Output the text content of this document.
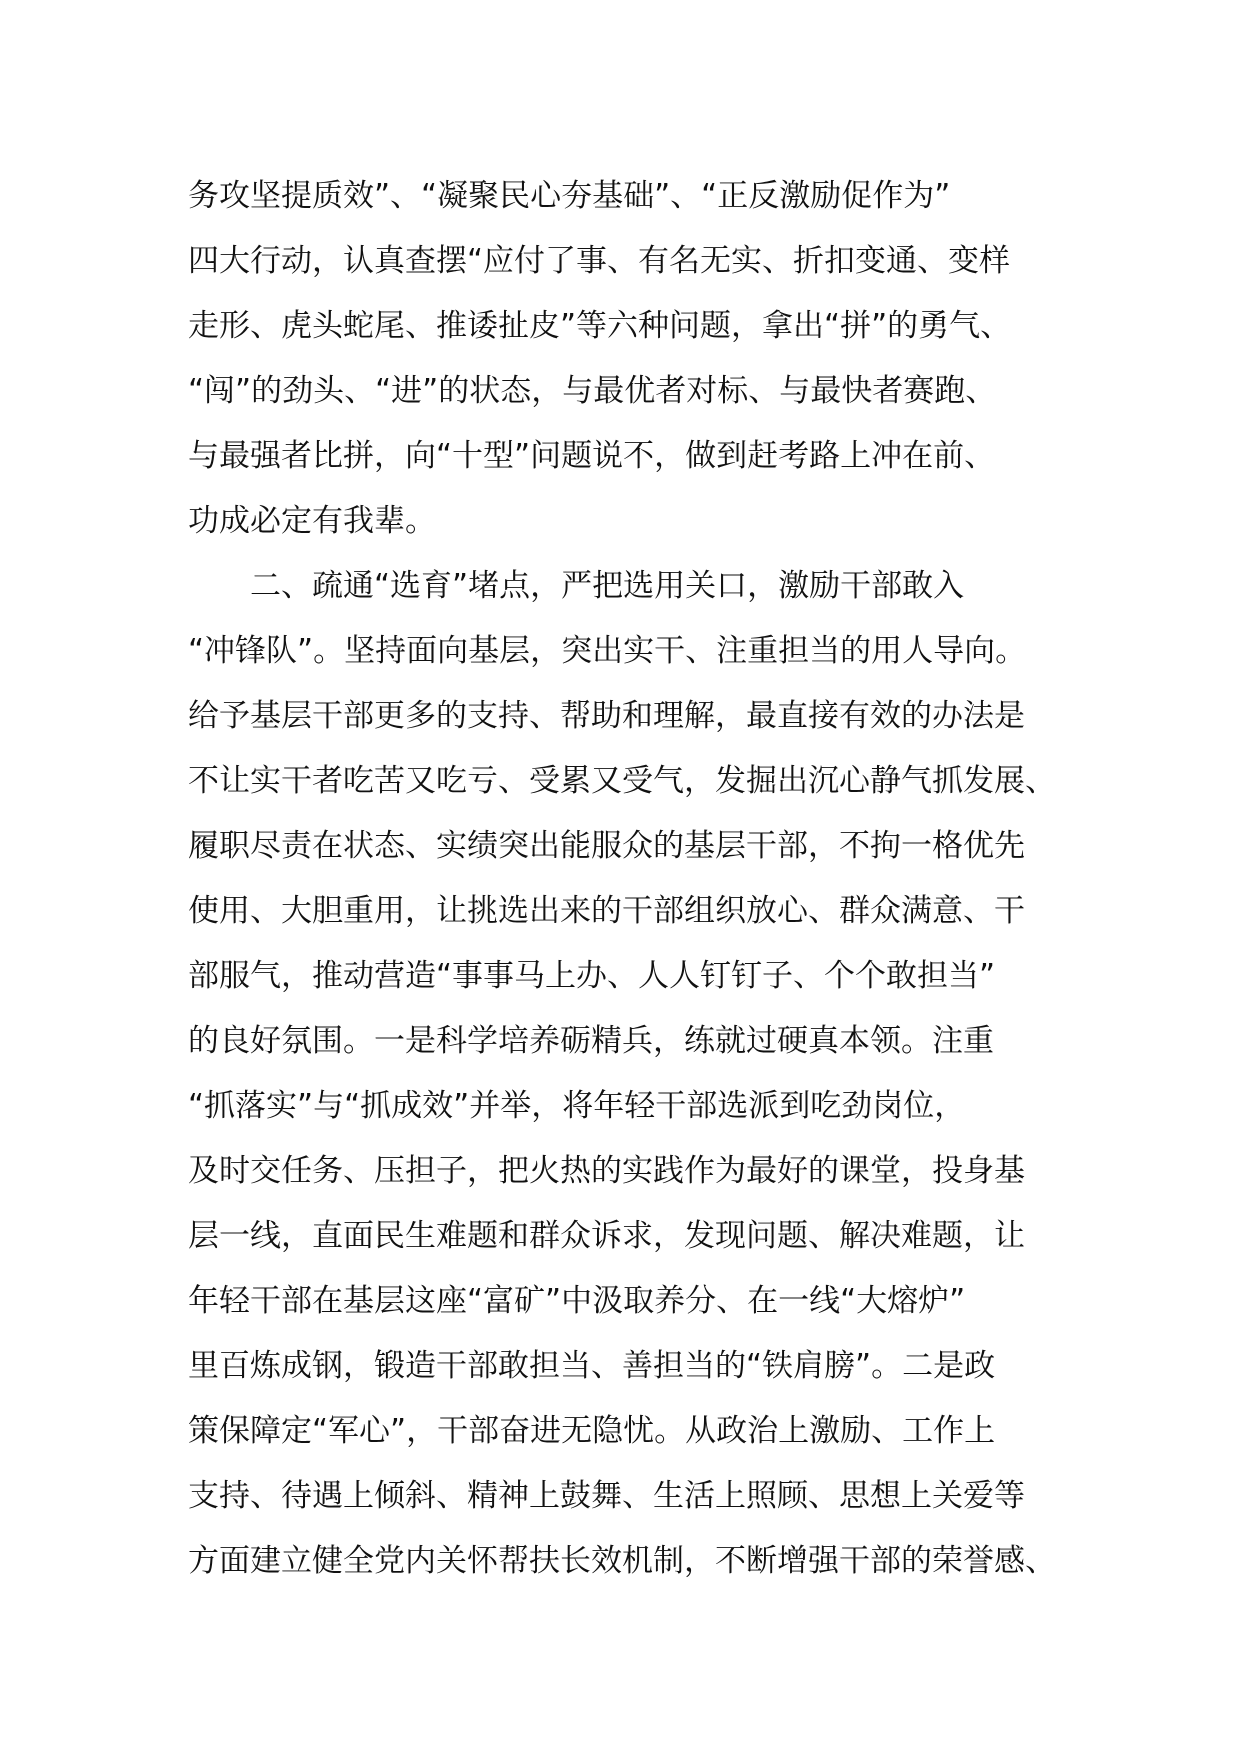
务攻坚提质效”、“凝聚民心夯基础”、“正反激励促作为”
四大行动，认真查摆“应付了事、有名无实、折扣变通、变样
走形、虎头蛇尾、推诿扯皮”等六种问题，拿出“拼”的勇气、
“闯”的劲头、“进”的状态，与最优者对标、与最快者赛跑、
与最强者比拼，向“十型”问题说不，做到赶考路上冲在前、
功成必定有我辈。
二、疏通“选育”堵点，严把选用关口，激励干部敢入
“冲锋队”。坚持面向基层，突出实干、注重担当的用人导向。
给予基层干部更多的支持、帮助和理解，最直接有效的办法是
不让实干者吃苦又吃亏、受累又受气，发掘出沉心静气抓发展、
履职尽责在状态、实绩突出能服众的基层干部，不拘一格优先
使用、大胆重用，让挑选出来的干部组织放心、群众满意、干
部服气，推动营造“事事马上办、人人钉钉子、个个敢担当”
的良好氛围。一是科学培养砺精兵，练就过硬真本领。注重
“抓落实”与“抓成效”并举，将年轻干部选派到吃劲岗位，
及时交任务、压担子，把火热的实践作为最好的课堂，投身基
层一线，直面民生难题和群众诉求，发现问题、解决难题，让
年轻干部在基层这座“富矿”中汲取养分、在一线“大熔炉”
里百炼成钢，锻造干部敢担当、善担当的“铁肩膀”。二是政
策保障定“军心”，干部奋进无隐忧。从政治上激励、工作上
支持、待遇上倾斜、精神上鼓舞、生活上照顾、思想上关爱等
方面建立健全党内关怀帮扶长效机制，不断增强干部的荣誉感、
